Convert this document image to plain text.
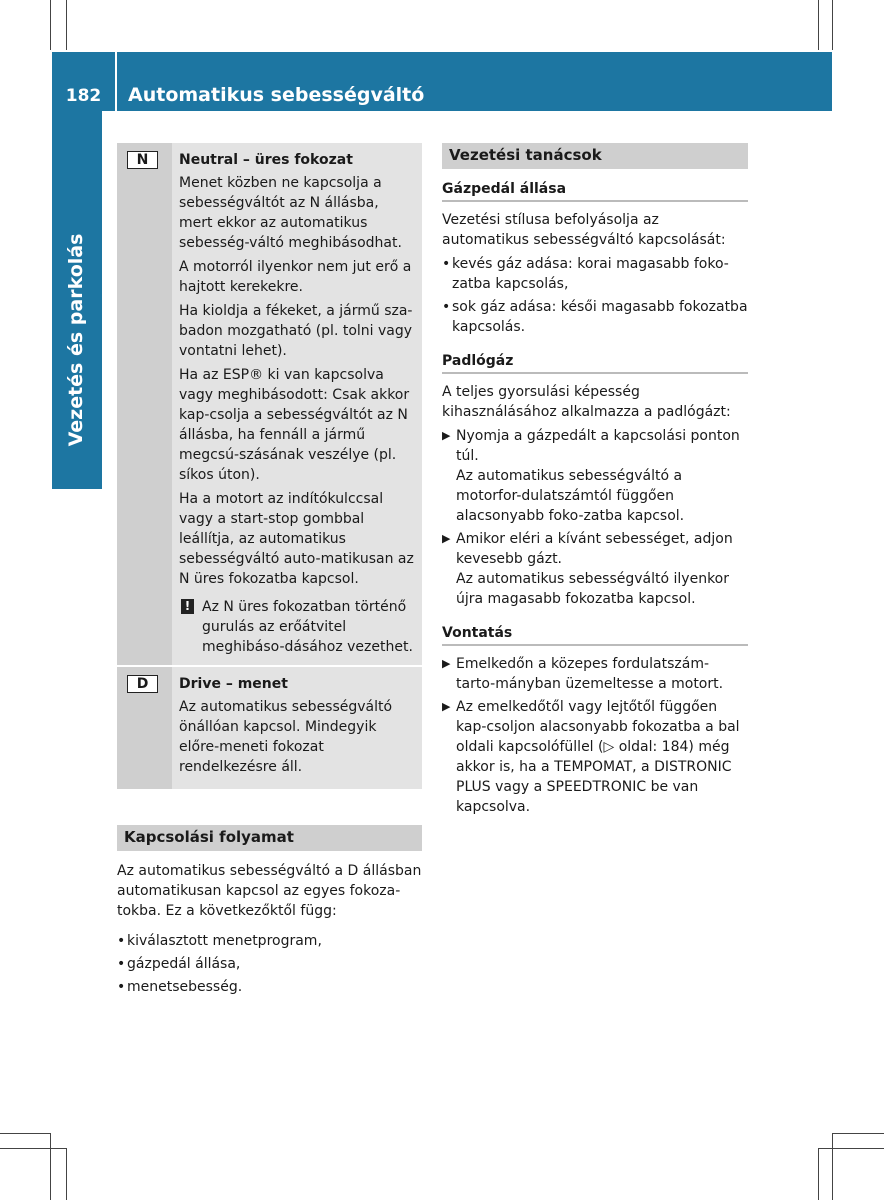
182	Automatikus sebességváltó
Vezetés és parkolás
N	Neutral – üres fokozat

Menet közben ne kapcsolja a sebességváltót az N állásba, mert ekkor az automatikus sebesség-váltó meghibásodhat.

A motorról ilyenkor nem jut erő a hajtott kerekekre.

Ha kioldja a fékeket, a jármű sza-badon mozgatható (pl. tolni vagy vontatni lehet).

Ha az ESP® ki van kapcsolva vagy meghibásodott: Csak akkor kap-csolja a sebességváltót az N állásba, ha fennáll a jármű megcsú-szásának veszélye (pl. síkos úton).

Ha a motort az indítókulccsal vagy a start-stop gombbal leállítja, az automatikus sebességváltó auto-matikusan az N üres fokozatba kapcsol.

! Az N üres fokozatban történő gurulás az erőátvitel meghibáso-dásához vezethet.
D	Drive – menet

Az automatikus sebességváltó önállóan kapcsol. Mindegyik előre-meneti fokozat rendelkezésre áll.

Kapcsolási folyamat

Az automatikus sebességváltó a D állásban automatikusan kapcsol az egyes fokoza-tokba. Ez a következőktől függ:

• kiválasztott menetprogram,
• gázpedál állása,
• menetsebesség.
Vezetési tanácsok
Gázpedál állása

Vezetési stílusa befolyásolja az automatikus sebességváltó kapcsolását:

• kevés gáz adása: korai magasabb foko-zatba kapcsolás,
• sok gáz adása: késői magasabb fokozatba kapcsolás.
Padlógáz

A teljes gyorsulási képesség kihasználásához alkalmazza a padlógázt:

▶ Nyomja a gázpedált a kapcsolási ponton túl.
Az automatikus sebességváltó a motorfor-dulatszámtól függően alacsonyabb foko-zatba kapcsol.
▶ Amikor eléri a kívánt sebességet, adjon kevesebb gázt.
Az automatikus sebességváltó ilyenkor újra magasabb fokozatba kapcsol.
Vontatás
▶ Emelkedőn a közepes fordulatszám-tarto-mányban üzemeltesse a motort.
▶ Az emelkedőtől vagy lejtőtől függően kap-csoljon alacsonyabb fokozatba a bal oldali kapcsolófüllel (▷ oldal: 184) még akkor is, ha a TEMPOMAT, a DISTRONIC PLUS vagy a SPEEDTRONIC be van kapcsolva.
